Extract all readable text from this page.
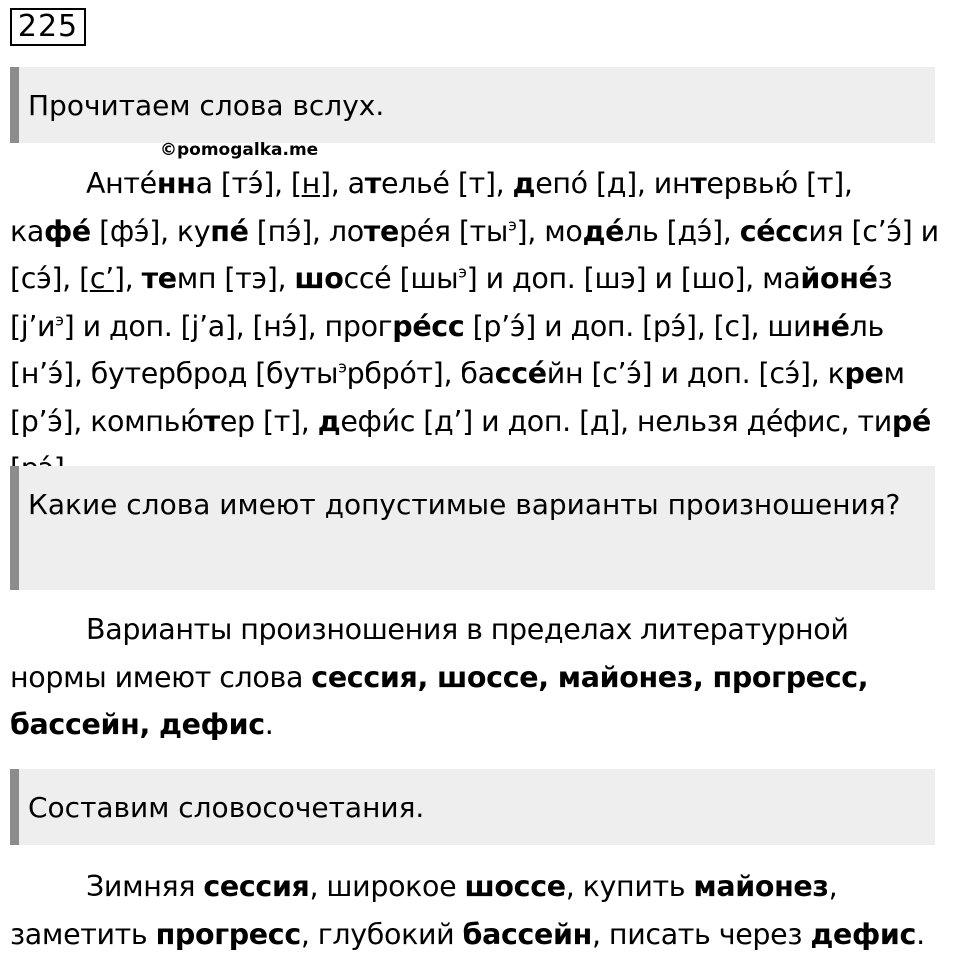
225
Прочитаем слова вслух.
©pomogalka.me
Анте́нна [тэ́], [н], ателье́ [т], депо́ [д], интервью́ [т], кафе́ [фэ́], купе́ [пэ́], лотере́я $[ты^э]$, моде́ль [дэ́], се́ссия [с’э́] и [сэ́], [с’], темп [тэ], шоссе́ $[шы^э]$ и доп. [шэ] и [шо], майоне́з $[j’и^э]$ и доп. [j’а], [нэ́], прогре́сс [р’э́] и доп. [рэ́], [с], шине́ль [н’э́], бутерброд [буты$^э$рбро́т], бассе́йн [с’э́] и доп. [сэ́], крем [р’э́], компью́тер [т], дефи́с [д’] и доп. [д], нельзя де́фис, тире́
Какие слова имеют допустимые варианты произношения?
Варианты произношения в пределах литературной нормы имеют слова сессия, шоссе, майонез, прогресс, бассейн, дефис.
Составим словосочетания.
Зимняя сессия, широкое шоссе, купить майонез, заметить прогресс, глубокий бассейн, писать через дефис.
